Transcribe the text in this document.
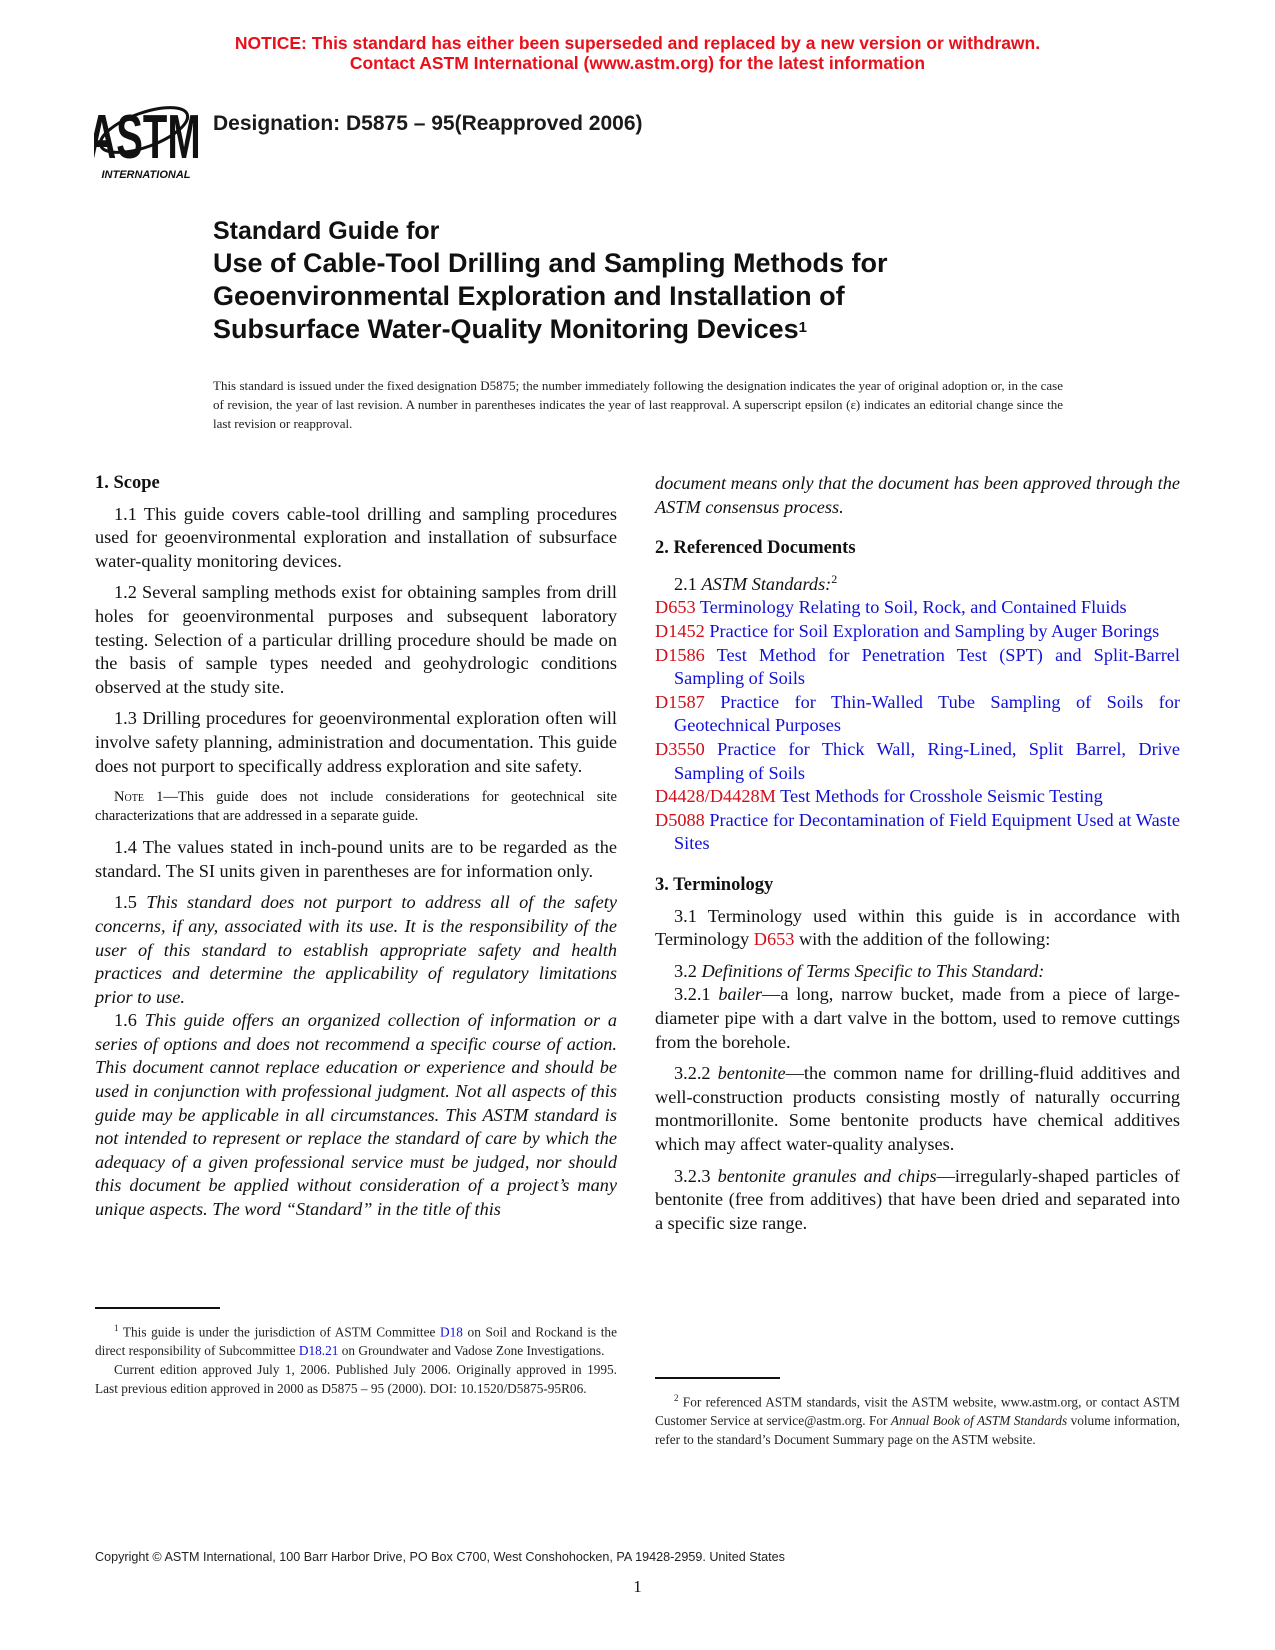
NOTICE: This standard has either been superseded and replaced by a new version or withdrawn.
Contact ASTM International (www.astm.org) for the latest information
ASTM
INTERNATIONAL
Designation: D5875 – 95(Reapproved 2006)
Standard Guide for
Use of Cable-Tool Drilling and Sampling Methods for
Geoenvironmental Exploration and Installation of
Subsurface Water-Quality Monitoring Devices$^1$
This standard is issued under the fixed designation D5875; the number immediately following the designation indicates the year of original adoption or, in the case of revision, the year of last revision. A number in parentheses indicates the year of last reapproval. A superscript epsilon (ε) indicates an editorial change since the last revision or reapproval.
1. Scope

1.1 This guide covers cable-tool drilling and sampling procedures used for geoenvironmental exploration and installation of subsurface water-quality monitoring devices.

1.2 Several sampling methods exist for obtaining samples from drill holes for geoenvironmental purposes and subsequent laboratory testing. Selection of a particular drilling procedure should be made on the basis of sample types needed and geohydrologic conditions observed at the study site.

1.3 Drilling procedures for geoenvironmental exploration often will involve safety planning, administration and documentation. This guide does not purport to specifically address exploration and site safety.

Note 1—This guide does not include considerations for geotechnical site characterizations that are addressed in a separate guide.

1.4 The values stated in inch-pound units are to be regarded as the standard. The SI units given in parentheses are for information only.

1.5 This standard does not purport to address all of the safety concerns, if any, associated with its use. It is the responsibility of the user of this standard to establish appropriate safety and health practices and determine the applicability of regulatory limitations prior to use.

1.6 This guide offers an organized collection of information or a series of options and does not recommend a specific course of action. This document cannot replace education or experience and should be used in conjunction with professional judgment. Not all aspects of this guide may be applicable in all circumstances. This ASTM standard is not intended to represent or replace the standard of care by which the adequacy of a given professional service must be judged, nor should this document be applied without consideration of a project’s many unique aspects. The word “Standard” in the title of this

$^1$ This guide is under the jurisdiction of ASTM Committee D18 on Soil and Rockand is the direct responsibility of Subcommittee D18.21 on Groundwater and Vadose Zone Investigations.

Current edition approved July 1, 2006. Published July 2006. Originally approved in 1995. Last previous edition approved in 2000 as D5875 – 95 (2000). DOI: 10.1520/D5875-95R06.

document means only that the document has been approved through the ASTM consensus process.

2. Referenced Documents

2.1 ASTM Standards:$^2$

D653 Terminology Relating to Soil, Rock, and Contained Fluids

D1452 Practice for Soil Exploration and Sampling by Auger Borings

D1586 Test Method for Penetration Test (SPT) and Split-Barrel Sampling of Soils

D1587 Practice for Thin-Walled Tube Sampling of Soils for Geotechnical Purposes

D3550 Practice for Thick Wall, Ring-Lined, Split Barrel, Drive Sampling of Soils

D4428/D4428M Test Methods for Crosshole Seismic Testing

D5088 Practice for Decontamination of Field Equipment Used at Waste Sites

3. Terminology

3.1 Terminology used within this guide is in accordance with Terminology D653 with the addition of the following:

3.2 Definitions of Terms Specific to This Standard:

3.2.1 bailer—a long, narrow bucket, made from a piece of large-diameter pipe with a dart valve in the bottom, used to remove cuttings from the borehole.

3.2.2 bentonite—the common name for drilling-fluid additives and well-construction products consisting mostly of naturally occurring montmorillonite. Some bentonite products have chemical additives which may affect water-quality analyses.

3.2.3 bentonite granules and chips—irregularly-shaped particles of bentonite (free from additives) that have been dried and separated into a specific size range.

$^2$ For referenced ASTM standards, visit the ASTM website, www.astm.org, or contact ASTM Customer Service at service@astm.org. For Annual Book of ASTM Standards volume information, refer to the standard’s Document Summary page on the ASTM website.

Copyright © ASTM International, 100 Barr Harbor Drive, PO Box C700, West Conshohocken, PA 19428-2959. United States
1
